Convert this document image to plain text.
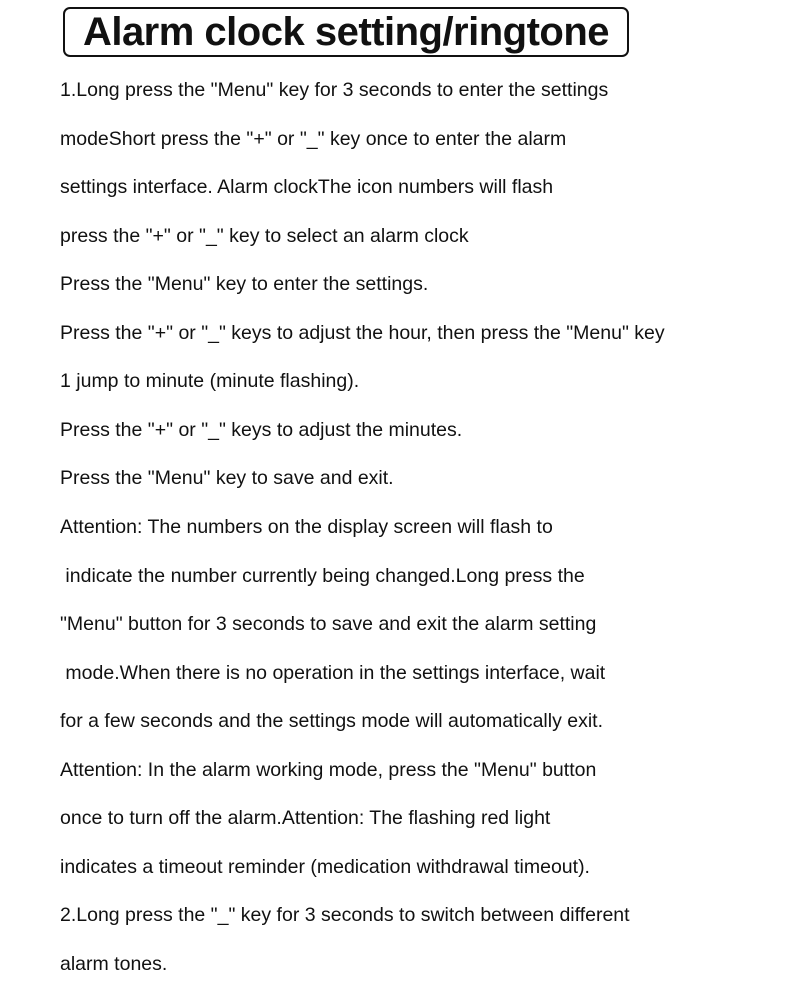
Alarm clock setting/ringtone
1.Long press the "Menu" key for 3 seconds to enter the settings
modeShort press the "+" or "_" key once to enter the alarm
settings interface. Alarm clockThe icon numbers will flash
press the "+" or "_" key to select an alarm clock
Press the "Menu" key to enter the settings.
Press the "+" or "_" keys to adjust the hour, then press the "Menu" key
1 jump to minute (minute flashing).
Press the "+" or "_" keys to adjust the minutes.
Press the "Menu" key to save and exit.
Attention: The numbers on the display screen will flash to
indicate the number currently being changed.Long press the
"Menu" button for 3 seconds to save and exit the alarm setting
mode.When there is no operation in the settings interface, wait
for a few seconds and the settings mode will automatically exit.
Attention: In the alarm working mode, press the "Menu" button
once to turn off the alarm.Attention: The flashing red light
indicates a timeout reminder (medication withdrawal timeout).
2.Long press the "_" key for 3 seconds to switch between different
alarm tones.
